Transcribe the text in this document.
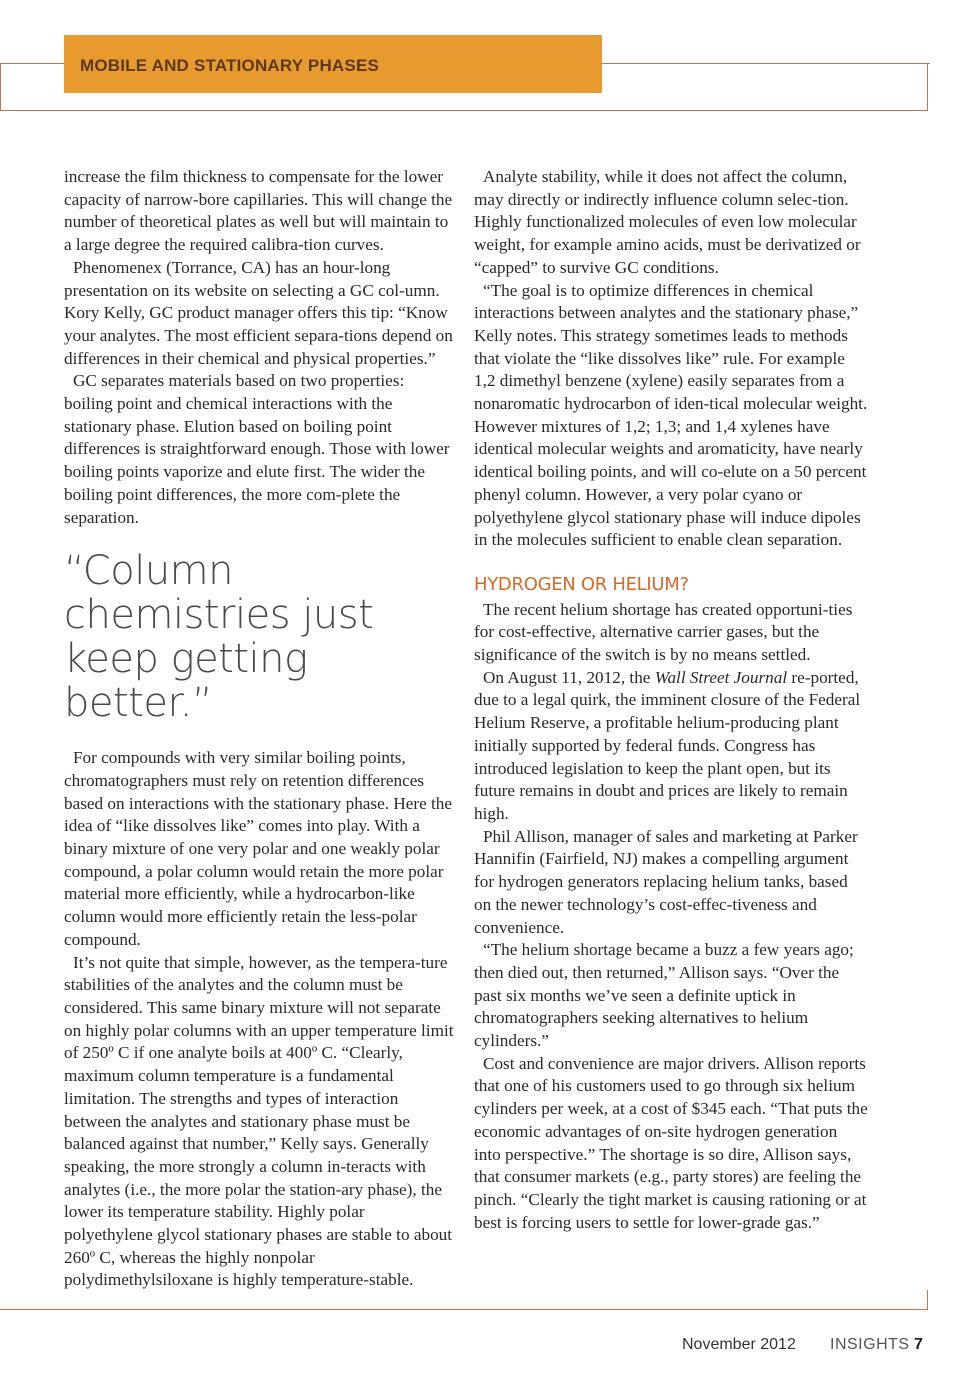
MOBILE AND STATIONARY PHASES

increase the film thickness to compensate for the lower capacity of narrow-bore capillaries. This will change the number of theoretical plates as well but will maintain to a large degree the required calibra-tion curves.

Phenomenex (Torrance, CA) has an hour-long presentation on its website on selecting a GC col-umn. Kory Kelly, GC product manager offers this tip: “Know your analytes. The most efficient separa-tions depend on differences in their chemical and physical properties.”

GC separates materials based on two properties: boiling point and chemical interactions with the stationary phase. Elution based on boiling point differences is straightforward enough. Those with lower boiling points vaporize and elute first. The wider the boiling point differences, the more com-plete the separation.

“Column chemistries just keep getting better.”

For compounds with very similar boiling points, chromatographers must rely on retention differences based on interactions with the stationary phase. Here the idea of “like dissolves like” comes into play. With a binary mixture of one very polar and one weakly polar compound, a polar column would retain the more polar material more efficiently, while a hydrocarbon-like column would more efficiently retain the less-polar compound.

It’s not quite that simple, however, as the tempera-ture stabilities of the analytes and the column must be considered. This same binary mixture will not separate on highly polar columns with an upper temperature limit of 250º C if one analyte boils at 400º C. “Clearly, maximum column temperature is a fundamental limitation. The strengths and types of interaction between the analytes and stationary phase must be balanced against that number,” Kelly says. Generally speaking, the more strongly a column in-teracts with analytes (i.e., the more polar the station-ary phase), the lower its temperature stability. Highly polar polyethylene glycol stationary phases are stable to about 260º C, whereas the highly nonpolar polydimethylsiloxane is highly temperature-stable.

Analyte stability, while it does not affect the column, may directly or indirectly influence column selec-tion. Highly functionalized molecules of even low molecular weight, for example amino acids, must be derivatized or “capped” to survive GC conditions.

“The goal is to optimize differences in chemical interactions between analytes and the stationary phase,” Kelly notes. This strategy sometimes leads to methods that violate the “like dissolves like” rule. For example 1,2 dimethyl benzene (xylene) easily separates from a nonaromatic hydrocarbon of iden-tical molecular weight. However mixtures of 1,2; 1,3; and 1,4 xylenes have identical molecular weights and aromaticity, have nearly identical boiling points, and will co-elute on a 50 percent phenyl column. However, a very polar cyano or polyethylene glycol stationary phase will induce dipoles in the molecules sufficient to enable clean separation.

HYDROGEN OR HELIUM?

The recent helium shortage has created opportuni-ties for cost-effective, alternative carrier gases, but the significance of the switch is by no means settled.

On August 11, 2012, the Wall Street Journal re-ported, due to a legal quirk, the imminent closure of the Federal Helium Reserve, a profitable helium-producing plant initially supported by federal funds. Congress has introduced legislation to keep the plant open, but its future remains in doubt and prices are likely to remain high.

Phil Allison, manager of sales and marketing at Parker Hannifin (Fairfield, NJ) makes a compelling argument for hydrogen generators replacing helium tanks, based on the newer technology’s cost-effec-tiveness and convenience.

“The helium shortage became a buzz a few years ago; then died out, then returned,” Allison says. “Over the past six months we’ve seen a definite uptick in chromatographers seeking alternatives to helium cylinders.”

Cost and convenience are major drivers. Allison reports that one of his customers used to go through six helium cylinders per week, at a cost of $345 each. “That puts the economic advantages of on-site hydrogen generation into perspective.” The shortage is so dire, Allison says, that consumer markets (e.g., party stores) are feeling the pinch. “Clearly the tight market is causing rationing or at best is forcing users to settle for lower-grade gas.”

November 2012 INSIGHTS 7
